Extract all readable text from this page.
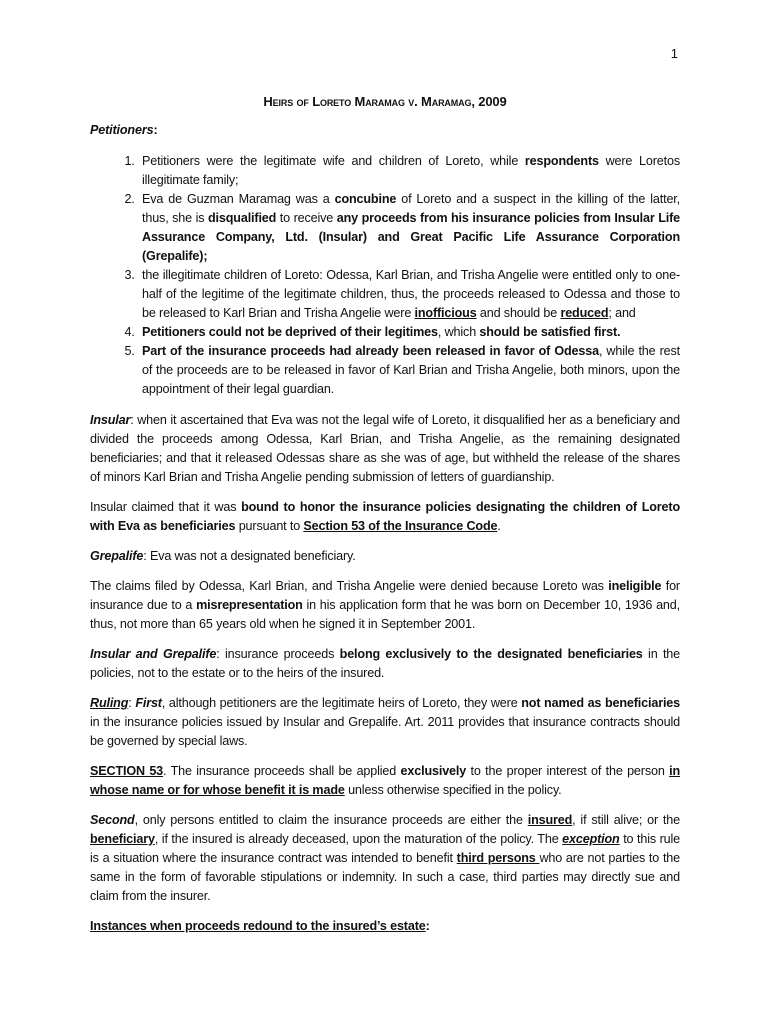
1
Heirs of Loreto Maramag v. Maramag, 2009
Petitioners:
1. Petitioners were the legitimate wife and children of Loreto, while respondents were Loretos illegitimate family;
2. Eva de Guzman Maramag was a concubine of Loreto and a suspect in the killing of the latter, thus, she is disqualified to receive any proceeds from his insurance policies from Insular Life Assurance Company, Ltd. (Insular) and Great Pacific Life Assurance Corporation (Grepalife);
3. the illegitimate children of Loreto: Odessa, Karl Brian, and Trisha Angelie were entitled only to one-half of the legitime of the legitimate children, thus, the proceeds released to Odessa and those to be released to Karl Brian and Trisha Angelie were inofficious and should be reduced; and
4. Petitioners could not be deprived of their legitimes, which should be satisfied first.
5. Part of the insurance proceeds had already been released in favor of Odessa, while the rest of the proceeds are to be released in favor of Karl Brian and Trisha Angelie, both minors, upon the appointment of their legal guardian.

Insular: when it ascertained that Eva was not the legal wife of Loreto, it disqualified her as a beneficiary and divided the proceeds among Odessa, Karl Brian, and Trisha Angelie, as the remaining designated beneficiaries; and that it released Odessas share as she was of age, but withheld the release of the shares of minors Karl Brian and Trisha Angelie pending submission of letters of guardianship.

Insular claimed that it was bound to honor the insurance policies designating the children of Loreto with Eva as beneficiaries pursuant to Section 53 of the Insurance Code.

Grepalife: Eva was not a designated beneficiary.

The claims filed by Odessa, Karl Brian, and Trisha Angelie were denied because Loreto was ineligible for insurance due to a misrepresentation in his application form that he was born on December 10, 1936 and, thus, not more than 65 years old when he signed it in September 2001.

Insular and Grepalife: insurance proceeds belong exclusively to the designated beneficiaries in the policies, not to the estate or to the heirs of the insured.

Ruling: First, although petitioners are the legitimate heirs of Loreto, they were not named as beneficiaries in the insurance policies issued by Insular and Grepalife. Art. 2011 provides that insurance contracts should be governed by special laws.

SECTION 53. The insurance proceeds shall be applied exclusively to the proper interest of the person in whose name or for whose benefit it is made unless otherwise specified in the policy.

Second, only persons entitled to claim the insurance proceeds are either the insured, if still alive; or the beneficiary, if the insured is already deceased, upon the maturation of the policy. The exception to this rule is a situation where the insurance contract was intended to benefit third persons who are not parties to the same in the form of favorable stipulations or indemnity. In such a case, third parties may directly sue and claim from the insurer.

Instances when proceeds redound to the insured’s estate:
